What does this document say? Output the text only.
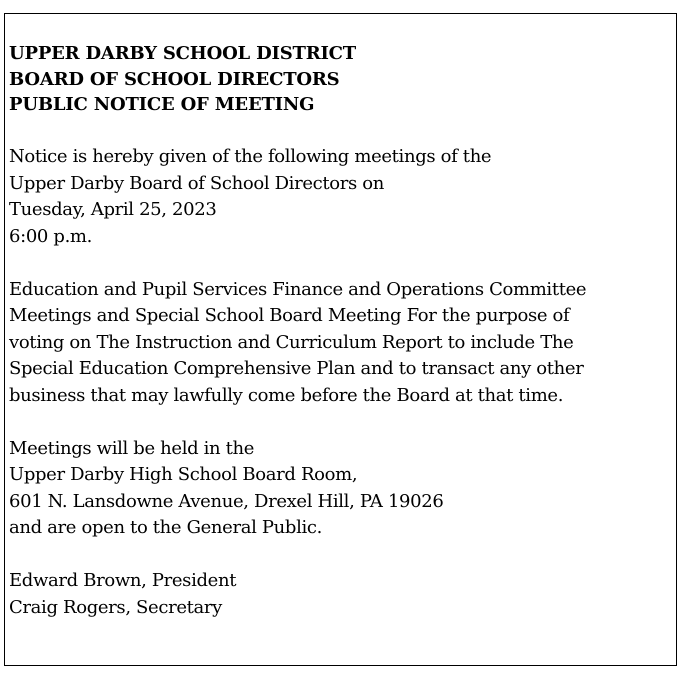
UPPER DARBY SCHOOL DISTRICT
BOARD OF SCHOOL DIRECTORS
PUBLIC NOTICE OF MEETING
Notice is hereby given of the following meetings of the
Upper Darby Board of School Directors on
Tuesday, April 25, 2023
6:00 p.m.
Education and Pupil Services Finance and Operations Committee
Meetings and Special School Board Meeting For the purpose of
voting on The Instruction and Curriculum Report to include The
Special Education Comprehensive Plan and to transact any other
business that may lawfully come before the Board at that time.
Meetings will be held in the
Upper Darby High School Board Room,
601 N. Lansdowne Avenue, Drexel Hill, PA 19026
and are open to the General Public.
Edward Brown, President
Craig Rogers, Secretary
